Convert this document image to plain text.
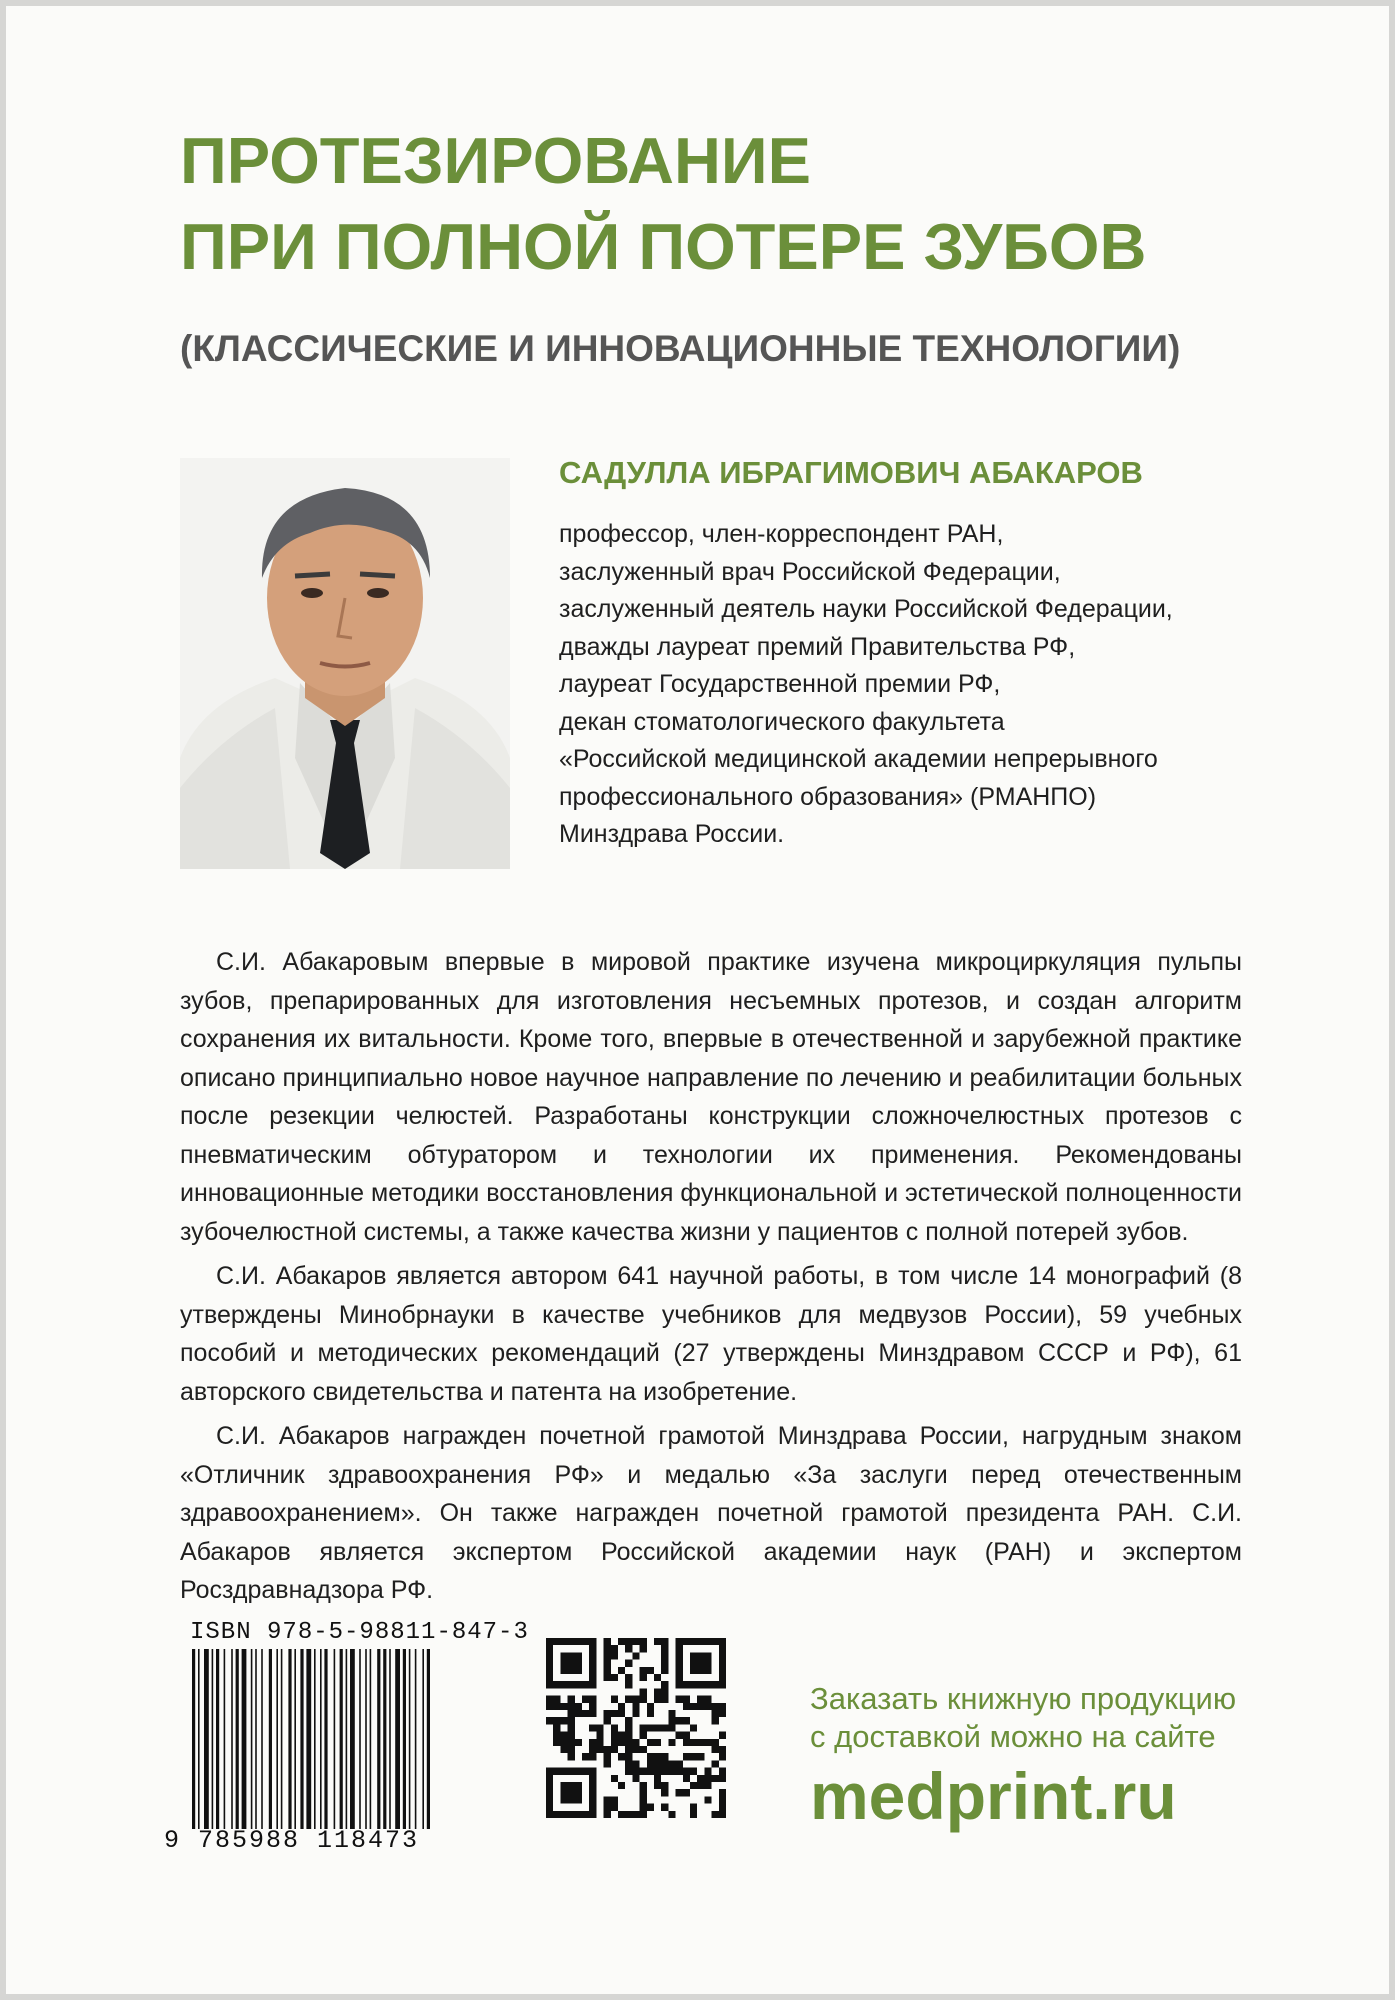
ПРОТЕЗИРОВАНИЕ
ПРИ ПОЛНОЙ ПОТЕРЕ ЗУБОВ
(КЛАССИЧЕСКИЕ И ИННОВАЦИОННЫЕ ТЕХНОЛОГИИ)
САДУЛЛА ИБРАГИМОВИЧ АБАКАРОВ
профессор, член-корреспондент РАН,
заслуженный врач Российской Федерации,
заслуженный деятель науки Российской Федерации,
дважды лауреат премий Правительства РФ,
лауреат Государственной премии РФ,
декан стоматологического факультета
«Российской медицинской академии непрерывного
профессионального образования» (РМАНПО)
Минздрава России.

С.И. Абакаровым впервые в мировой практике изучена микроциркуляция пульпы зубов, препарированных для изготовления несъемных протезов, и создан алгоритм сохранения их витальности. Кроме того, впервые в отечественной и зарубежной практике описано принципиально новое научное направление по лечению и реабилитации больных после резекции челюстей. Разработаны конструкции сложночелюстных протезов с пневматическим обтуратором и технологии их применения. Рекомендованы инновационные методики восстановления функциональной и эстетической полноценности зубочелюстной системы, а также качества жизни у пациентов с полной потерей зубов.

С.И. Абакаров является автором 641 научной работы, в том числе 14 монографий (8 утверждены Минобрнауки в качестве учебников для медвузов России), 59 учебных пособий и методических рекомендаций (27 утверждены Минздравом СССР и РФ), 61 авторского свидетельства и патента на изобретение.

С.И. Абакаров награжден почетной грамотой Минздрава России, нагрудным знаком «Отличник здравоохранения РФ» и медалью «За заслуги перед отечественным здравоохранением». Он также награжден почетной грамотой президента РАН. С.И. Абакаров является экспертом Российской академии наук (РАН) и экспертом Росздравнадзора РФ.

ISBN 978-5-98811-847-3
9 785988 118473
Заказать книжную продукцию
с доставкой можно на сайте
medprint.ru
